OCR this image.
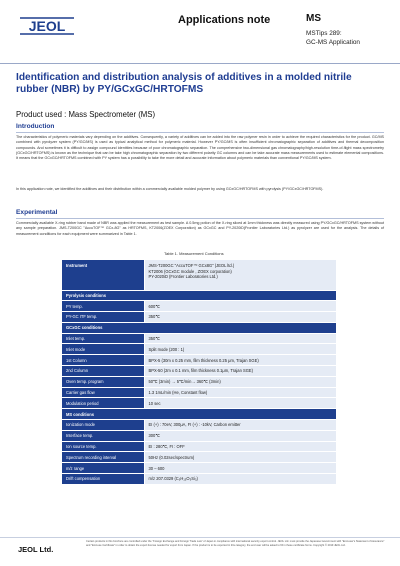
JEOL	Applications note	MS
MSTips 289:
GC-MS Application
Identification and distribution analysis of additives in a molded nitrile rubber (NBR) by PY/GCxGC/HRTOFMS
Product used : Mass Spectrometer (MS)
Introduction
The characteristics of polymeric materials vary depending on the additives. Consequently, a variety of additives can be added into the raw polymer resin in order to achieve the required characteristics for the product. GC/MS combined with pyrolyzer system (PY/GC/MS) is used as typical analytical method for polymeric material. However PY/GC/MS is often insufficient chromatographic separation of additives and thermal decomposition compounds. And sometimes it is difficult to assign compound identities because of poor chromatographic separation. The comprehensive two-dimensional gas chromatography/high-resolution time-of-flight mass spectrometry (GCxGC/HRTOFMS) is known as the technique that can be take high chromatographic separation by two different polarity GC columns and can be take accurate mass measurements used to estimate elemental compositions. It means that the GCxGC/HRTOFMS combined with PY system has a possibility to take the more detail and accurate information about polymeric materials than conventional PY/GC/MS system.
In this application note, we identified the additives and their distribution within a commercially available molded polymer by using GCxGC/HRTOFMS with pyrolysis (PY/GCxGC/HRTOFMS).
Experimental
Commercially available X-ring rubber band made of NBR was applied the measurement as test sample. A 0.5mg potion of the X-ring sliced at 1mm thickness was directly measured using PY/GCxGC/HRTOFMS system without any sample preparation. JMS-T200GC "AccuTOF™ GCx-8G" as HRTOFMS, KT2006(ZOEX Corporation) as GCxGC and PY-2020iD(Frontier Laboratories Ltd.) as pyrolyzer are used for the analysis. The details of measurement conditions for each equipment were summarized in Table 1.
Table 1. Measurement Conditions
Instrument	JMS-T200GC "AccuTOF™ GCx8G" (JEOL ltd.)
KT2006 (GCxGC module , ZOEX corporation)
PY-2020iD (Frontier Laboratories Ltd.)

Pyrolysis conditions	
PY temp.	600℃
PY-GC ITF temp.	350℃
GCxGC conditions	
Inlet temp.	350℃
Inlet mode	Split mode (200 : 1)
1st Column	BPX-5 (30m x 0.25 mm, film thickness 0.25 μm, Trajan SGE)
2nd Column	BPX-50 (2m x 0.1 mm, film thickness 0.1μm, Trajan SGE)
Oven temp. program	50℃ (3min) → 5℃/min→ 360℃ (3min)
Carrier gas flow	1.3 1mL/min (He, Constant flow)
Modulation period	10 sec
MS conditions	
Ionization mode	EI (+) : 70eV, 300μA, FI (+) : -10kV, Carbon emitter
Interface temp.	300℃
Ion source temp.	EI : 280℃, FI : OFF
Spectrum recording interval	50Hz (0.02sec/spectrum)
m/z range	30 – 600
Drift compensation	m/z 207.0329 (C₅H₁₅O₃Si₃)
JEOL Ltd.
Certain products in this brochure are controlled under the "Foreign Exchange and Foreign Trade Law" of Japan in compliance with international security export control. JEOL Ltd. must provide the Japanese Government with "End-user's Statement of Assurance" and "End-use Certificate" in order to obtain the export license needed for export from Japan. If the product is to be exported in this category, the end user will be asked to fill in these certificate forms. Copyright © 2019 JEOL Ltd.
